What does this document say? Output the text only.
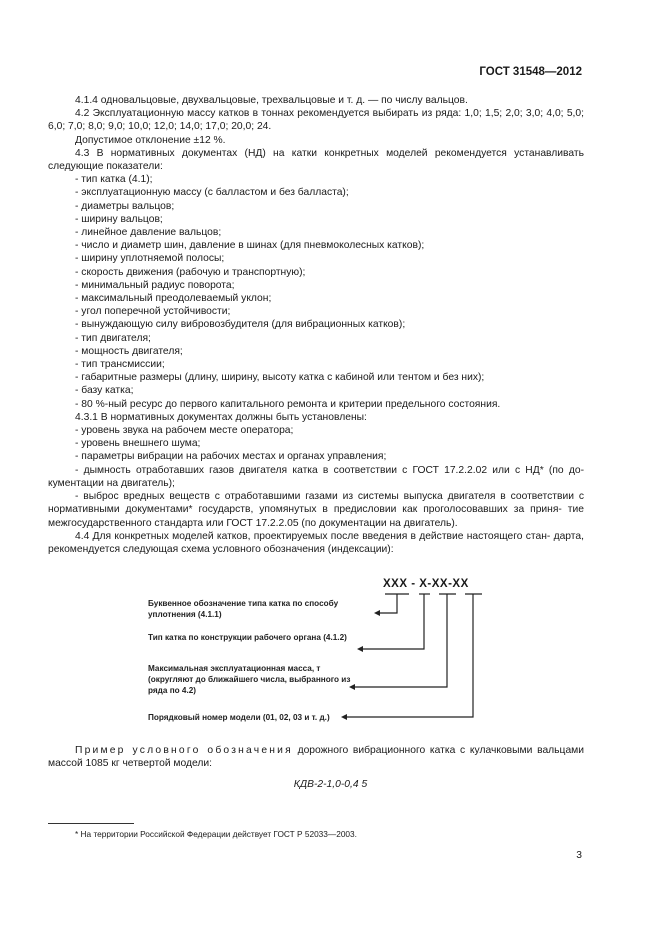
ГОСТ 31548—2012

4.1.4 одновальцовые, двухвальцовые, трехвальцовые и т. д. — по числу вальцов.

4.2 Эксплуатационную массу катков в тоннах рекомендуется выбирать из ряда: 1,0; 1,5; 2,0; 3,0; 4,0; 5,0; 6,0; 7,0; 8,0; 9,0; 10,0; 12,0; 14,0; 17,0; 20,0; 24.

Допустимое отклонение ±12 %.

4.3 В нормативных документах (НД) на катки конкретных моделей рекомендуется устанавливать следующие показатели:

- тип катка (4.1);

- эксплуатационную массу (с балластом и без балласта);

- диаметры вальцов;

- ширину вальцов;

- линейное давление вальцов;

- число и диаметр шин, давление в шинах (для пневмоколесных катков);

- ширину уплотняемой полосы;

- скорость движения (рабочую и транспортную);

- минимальный радиус поворота;

- максимальный преодолеваемый уклон;

- угол поперечной устойчивости;

- вынуждающую силу вибровозбудителя (для вибрационных катков);

- тип двигателя;

- мощность двигателя;

- тип трансмиссии;

- габаритные размеры (длину, ширину, высоту катка с кабиной или тентом и без них);

- базу катка;

- 80 %-ный ресурс до первого капитального ремонта и критерии предельного состояния.

4.3.1 В нормативных документах должны быть установлены:

- уровень звука на рабочем месте оператора;

- уровень внешнего шума;

- параметры вибрации на рабочих местах и органах управления;

- дымность отработавших газов двигателя катка в соответствии с ГОСТ 17.2.2.02 или с НД* (по до- кументации на двигатель);

- выброс вредных веществ с отработавшими газами из системы выпуска двигателя в соответствии с нормативными документами* государств, упомянутых в предисловии как проголосовавших за приня- тие межгосударственного стандарта или ГОСТ 17.2.2.05 (по документации на двигатель).

4.4 Для конкретных моделей катков, проектируемых после введения в действие настоящего стан- дарта, рекомендуется следующая схема условного обозначения (индексации):

ХХХ - Х-ХХ-ХХ
Буквенное обозначение типа катка по способу уплотнения (4.1.1)
Тип катка по конструкции рабочего органа (4.1.2)
Максимальная эксплуатационная масса, т (округляют до ближайшего числа, выбранного из ряда по 4.2)
Порядковый номер модели (01, 02, 03 и т. д.)

Пример условного обозначения дорожного вибрационного катка с кулачковыми вальцами массой 1085 кг четвертой модели:

КДВ-2-1,0-0,4 5
* На территории Российской Федерации действует ГОСТ Р 52033—2003.
3
